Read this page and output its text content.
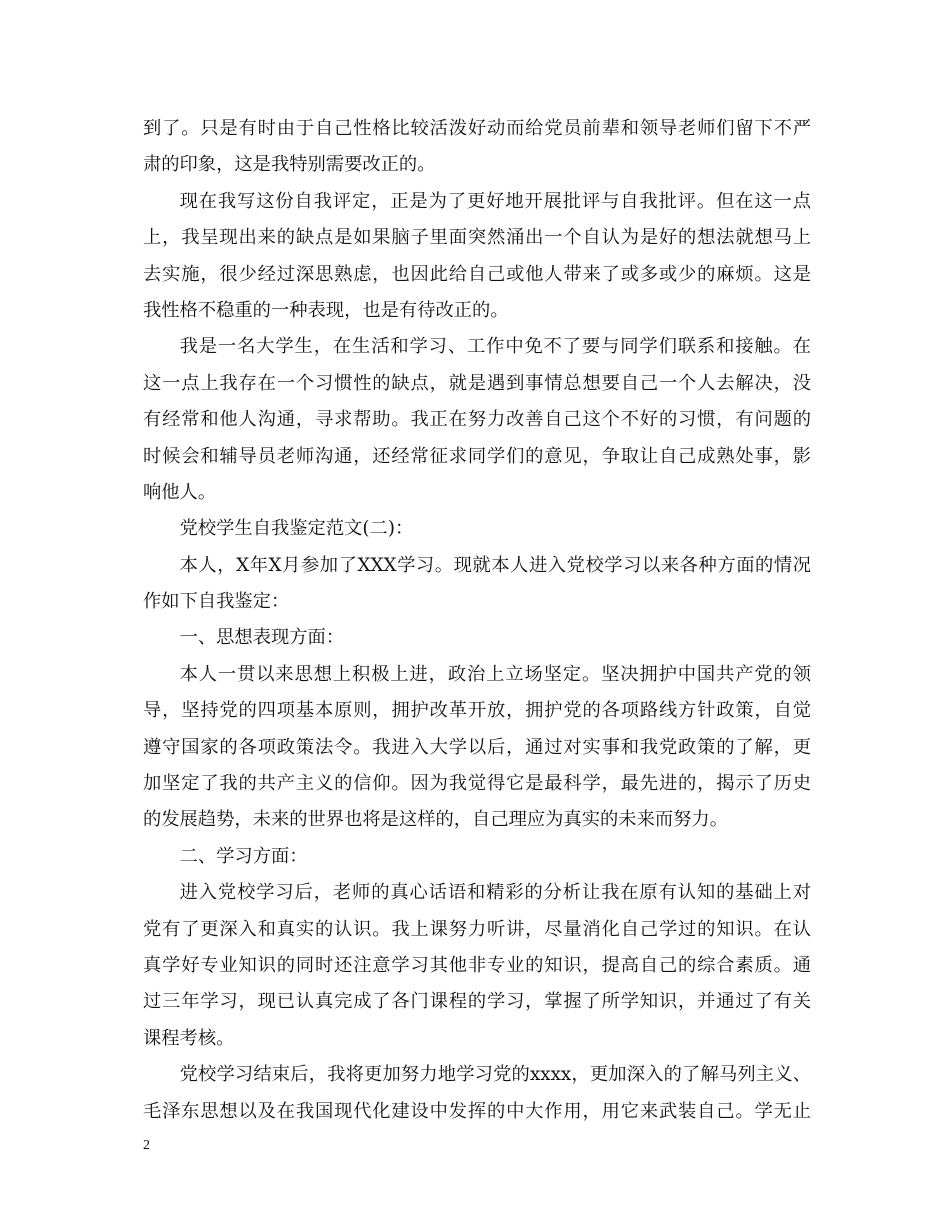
到了。只是有时由于自己性格比较活泼好动而给党员前辈和领导老师们留下不严
肃的印象，这是我特别需要改正的。
现在我写这份自我评定，正是为了更好地开展批评与自我批评。但在这一点
上，我呈现出来的缺点是如果脑子里面突然涌出一个自认为是好的想法就想马上
去实施，很少经过深思熟虑，也因此给自己或他人带来了或多或少的麻烦。这是
我性格不稳重的一种表现，也是有待改正的。
我是一名大学生，在生活和学习、工作中免不了要与同学们联系和接触。在
这一点上我存在一个习惯性的缺点，就是遇到事情总想要自己一个人去解决，没
有经常和他人沟通，寻求帮助。我正在努力改善自己这个不好的习惯，有问题的
时候会和辅导员老师沟通，还经常征求同学们的意见，争取让自己成熟处事，影
响他人。
党校学生自我鉴定范文(二)：
本人，X年X月参加了XXX学习。现就本人进入党校学习以来各种方面的情况
作如下自我鉴定：
一、思想表现方面：
本人一贯以来思想上积极上进，政治上立场坚定。坚决拥护中国共产党的领
导，坚持党的四项基本原则，拥护改革开放，拥护党的各项路线方针政策，自觉
遵守国家的各项政策法令。我进入大学以后，通过对实事和我党政策的了解，更
加坚定了我的共产主义的信仰。因为我觉得它是最科学，最先进的，揭示了历史
的发展趋势，未来的世界也将是这样的，自己理应为真实的未来而努力。
二、学习方面：
进入党校学习后，老师的真心话语和精彩的分析让我在原有认知的基础上对
党有了更深入和真实的认识。我上课努力听讲，尽量消化自己学过的知识。在认
真学好专业知识的同时还注意学习其他非专业的知识，提高自己的综合素质。通
过三年学习，现已认真完成了各门课程的学习，掌握了所学知识，并通过了有关
课程考核。
党校学习结束后，我将更加努力地学习党的xxxx，更加深入的了解马列主义、
毛泽东思想以及在我国现代化建设中发挥的中大作用，用它来武装自己。学无止
2
